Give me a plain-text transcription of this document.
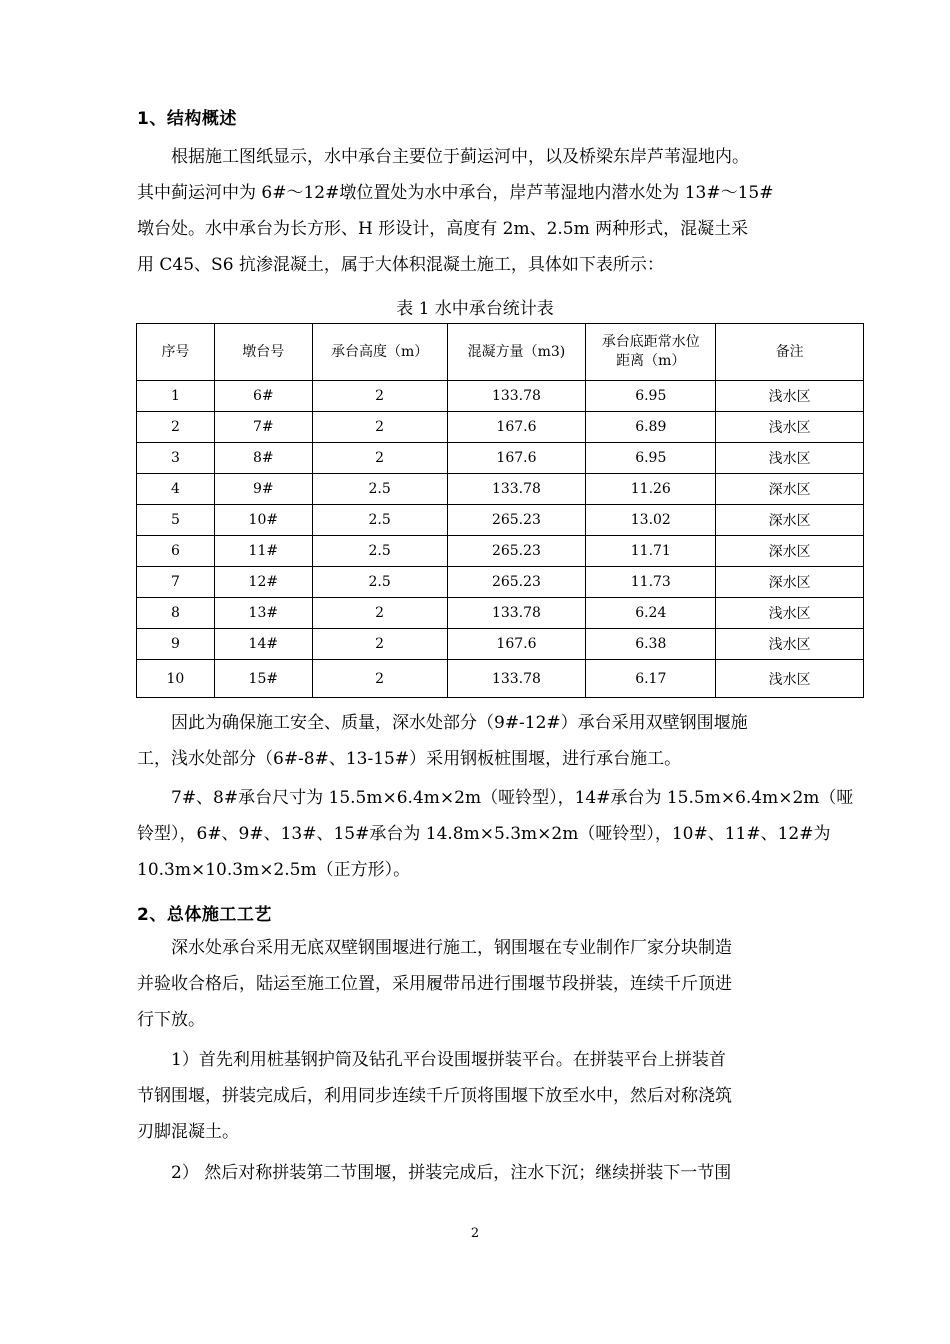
1、结构概述

根据施工图纸显示，水中承台主要位于蓟运河中，以及桥梁东岸芦苇湿地内。
其中蓟运河中为 6#～12#墩位置处为水中承台，岸芦苇湿地内潜水处为 13#～15#
墩台处。水中承台为长方形、H 形设计，高度有 2m、2.5m 两种形式，混凝土采
用 C45、S6 抗渗混凝土，属于大体积混凝土施工，具体如下表所示：

表 1 水中承台统计表
序号	墩台号	承台高度（m）	混凝方量（m3)	承台底距常水位距离（m）	备注
1	6#	2	133.78	6.95	浅水区
2	7#	2	167.6	6.89	浅水区
3	8#	2	167.6	6.95	浅水区
4	9#	2.5	133.78	11.26	深水区
5	10#	2.5	265.23	13.02	深水区
6	11#	2.5	265.23	11.71	深水区
7	12#	2.5	265.23	11.73	深水区
8	13#	2	133.78	6.24	浅水区
9	14#	2	167.6	6.38	浅水区
10	15#	2	133.78	6.17	浅水区

因此为确保施工安全、质量，深水处部分（9#-12#）承台采用双壁钢围堰施
工，浅水处部分（6#-8#、13-15#）采用钢板桩围堰，进行承台施工。

7#、8#承台尺寸为 15.5m×6.4m×2m（哑铃型），14#承台为 15.5m×6.4m×2m（哑
铃型），6#、9#、13#、15#承台为 14.8m×5.3m×2m（哑铃型），10#、11#、12#为
10.3m×10.3m×2.5m（正方形）。

2、总体施工工艺

深水处承台采用无底双壁钢围堰进行施工，钢围堰在专业制作厂家分块制造
并验收合格后，陆运至施工位置，采用履带吊进行围堰节段拼装，连续千斤顶进
行下放。

1）首先利用桩基钢护筒及钻孔平台设围堰拼装平台。在拼装平台上拼装首
节钢围堰，拼装完成后，利用同步连续千斤顶将围堰下放至水中，然后对称浇筑
刃脚混凝土。

2） 然后对称拼装第二节围堰，拼装完成后，注水下沉；继续拼装下一节围

2
